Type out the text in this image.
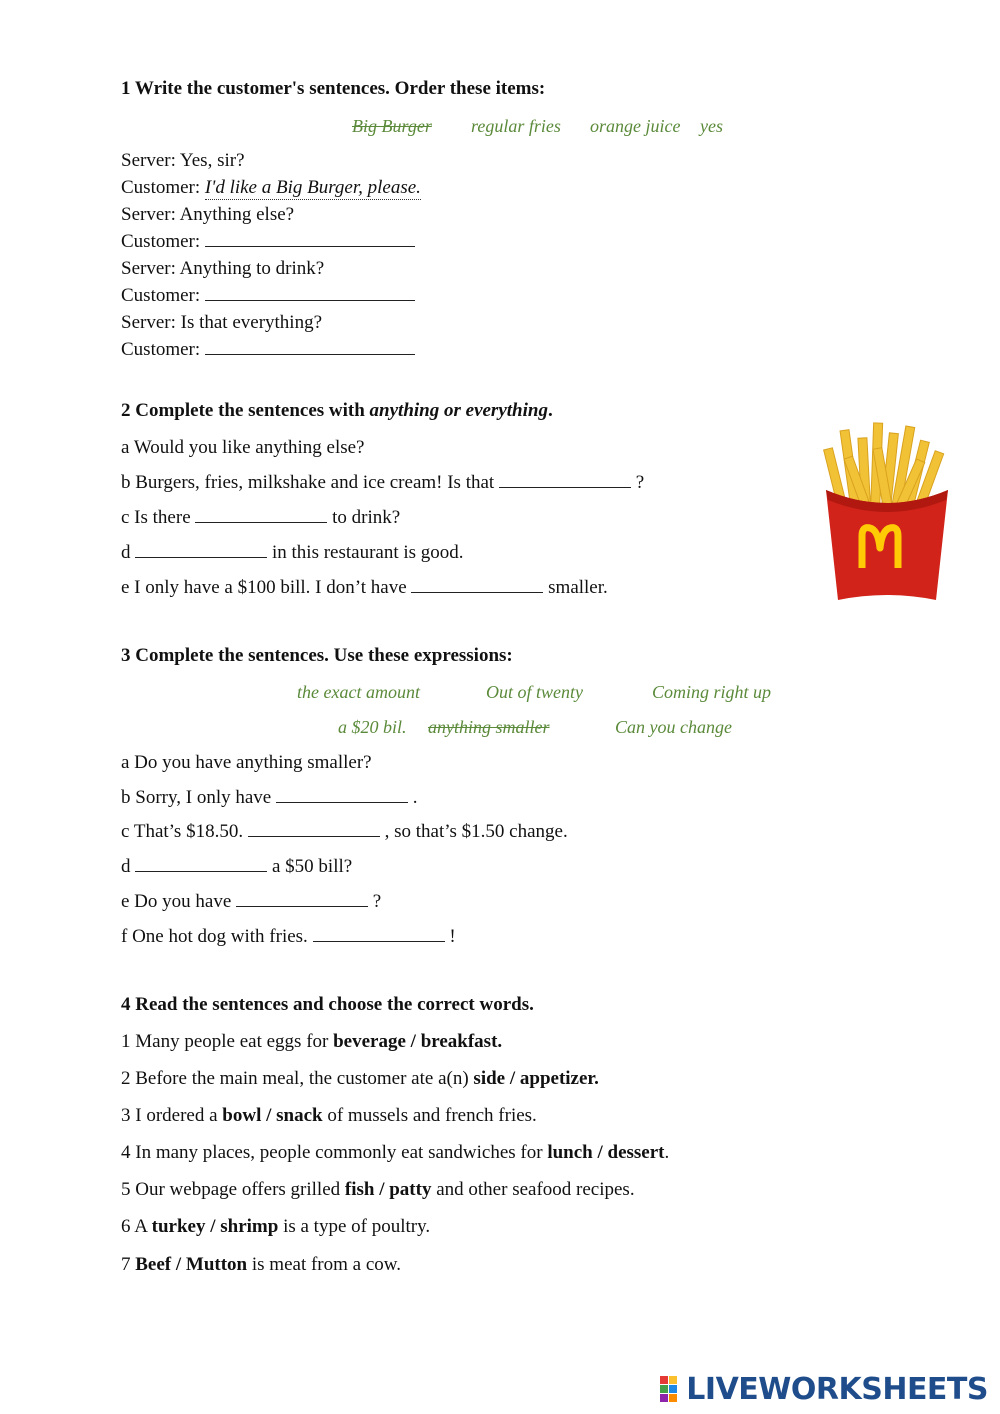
1 Write the customer's sentences. Order these items:
Big Burger regular fries orange juice yes
Server: Yes, sir?
Customer: I'd like a Big Burger, please.
Server: Anything else?
Customer:
Server: Anything to drink?
Customer:
Server: Is that everything?
Customer:
2 Complete the sentences with anything or everything.
a Would you like anything else?
b Burgers, fries, milkshake and ice cream! Is that	?
c Is there	to drink?
d	in this restaurant is good.
e I only have a $100 bill. I don’t have	smaller.
3 Complete the sentences. Use these expressions:
the exact amount	Out of twenty	Coming right up
a $20 bil. anything smaller	Can you change
a Do you have anything smaller?
b Sorry, I only have	.
c That’s $18.50.	, so that’s $1.50 change.
d	a $50 bill?
e Do you have	?
f One hot dog with fries.	!
4 Read the sentences and choose the correct words.
1 Many people eat eggs for beverage / breakfast.
2 Before the main meal, the customer ate a(n) side / appetizer.
3 I ordered a bowl / snack of mussels and french fries.
4 In many places, people commonly eat sandwiches for lunch / dessert.
5 Our webpage offers grilled fish / patty and other seafood recipes.
6 A turkey / shrimp is a type of poultry.
7 Beef / Mutton is meat from a cow.
LIVEWORKSHEETS
